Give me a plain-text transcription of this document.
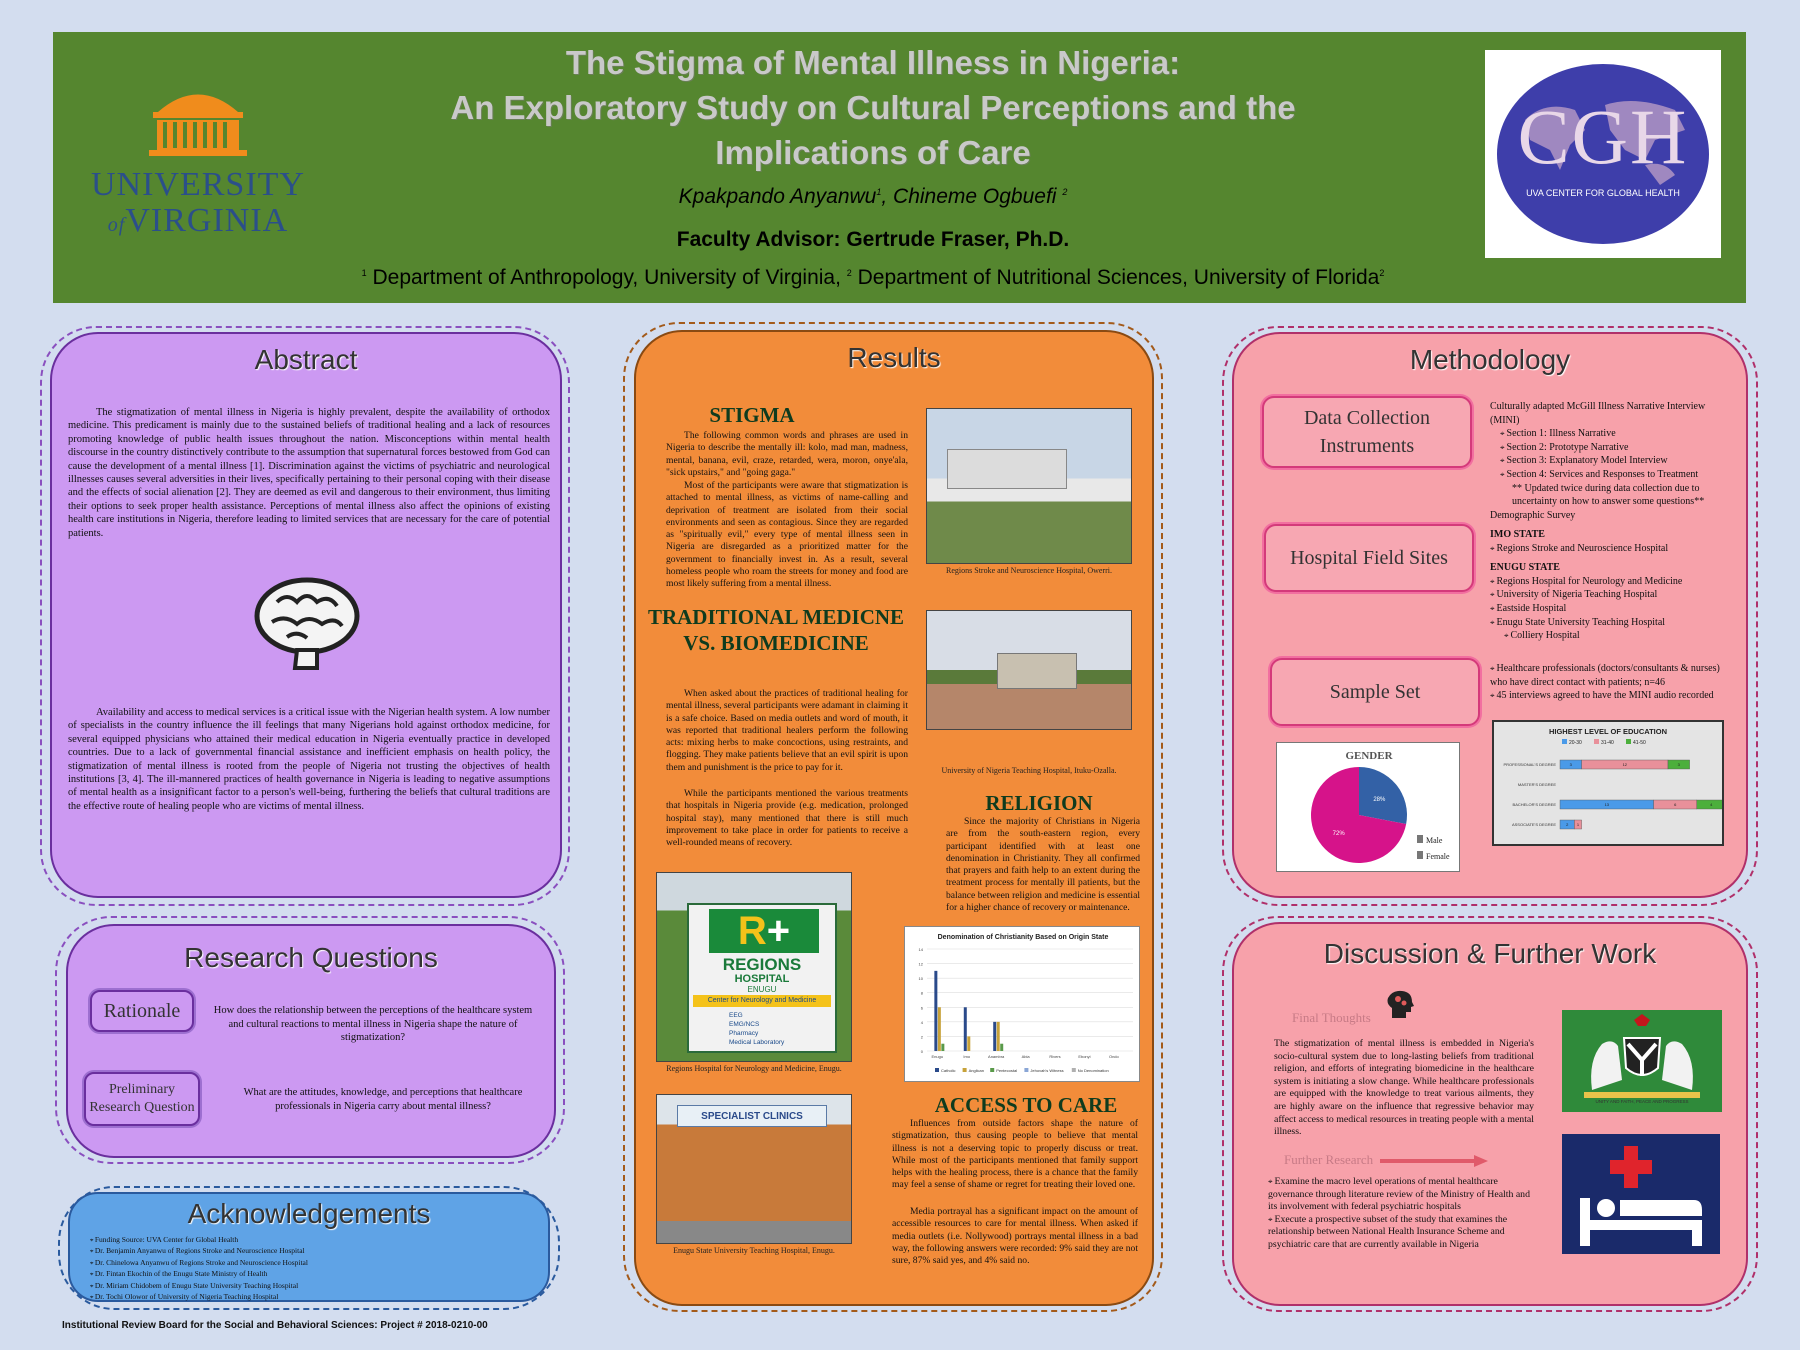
UNIVERSITY
ofVIRGINIA
The Stigma of Mental Illness in Nigeria:
An Exploratory Study on Cultural Perceptions and the
Implications of Care
Kpakpando Anyanwu$^1$, Chineme Ogbuefi $^2$
Faculty Advisor: Gertrude Fraser, Ph.D.
$^1$ Department of Anthropology, University of Virginia, $^2$ Department of Nutritional Sciences, University of Florida$^2$
CGH
UVA CENTER FOR GLOBAL HEALTH
Abstract
The stigmatization of mental illness in Nigeria is highly prevalent, despite the availability of orthodox medicine. This predicament is mainly due to the sustained beliefs of traditional healing and a lack of resources promoting knowledge of public health issues throughout the nation. Misconceptions within mental health discourse in the country distinctively contribute to the assumption that supernatural forces bestowed from God can cause the development of a mental illness [1]. Discrimination against the victims of psychiatric and neurological illnesses causes several adversities in their lives, specifically pertaining to their personal coping with their disease and the effects of social alienation [2]. They are deemed as evil and dangerous to their environment, thus limiting their options to seek proper health assistance. Perceptions of mental illness also affect the opinions of existing health care institutions in Nigeria, therefore leading to limited services that are necessary for the care of potential patients.
Availability and access to medical services is a critical issue with the Nigerian health system. A low number of specialists in the country influence the ill feelings that many Nigerians hold against orthodox medicine, for several equipped physicians who attained their medical education in Nigeria eventually practice in developed countries. Due to a lack of governmental financial assistance and inefficient emphasis on health policy, the stigmatization of mental illness is rooted from the people of Nigeria not trusting the objectives of health institutions [3, 4]. The ill-mannered practices of health governance in Nigeria is leading to negative assumptions of mental health as a insignificant factor to a person's well-being, furthering the beliefs that cultural traditions are the effective route of healing people who are victims of mental illness.
Research Questions
Rationale	How does the relationship between the perceptions of the healthcare system and cultural reactions to mental illness in Nigeria shape the nature of stigmatization?
Preliminary Research Question
What are the attitudes, knowledge, and perceptions that healthcare professionals in Nigeria carry about mental illness?
Acknowledgements
⌖ Funding Source: UVA Center for Global Health
⌖ Dr. Benjamin Anyanwu of Regions Stroke and Neuroscience Hospital
⌖ Dr. Chinelowa Anyanwu of Regions Stroke and Neuroscience Hospital
⌖ Dr. Fintan Ekochin of the Enugu State Ministry of Health
⌖ Dr. Miriam Chidobem of Enugu State University Teaching Hospital
⌖ Dr. Tochi Olowor of University of Nigeria Teaching Hospital
Institutional Review Board for the Social and Behavioral Sciences: Project # 2018-0210-00
Results
STIGMA
The following common words and phrases are used in Nigeria to describe the mentally ill: kolo, mad man, madness, mental, banana, evil, craze, retarded, wera, moron, onye'ala, "sick upstairs," and "going gaga."
Most of the participants were aware that stigmatization is attached to mental illness, as victims of name-calling and deprivation of treatment are isolated from their social environments and seen as contagious. Since they are regarded as "spiritually evil," every type of mental illness seen in Nigeria are disregarded as a prioritized matter for the government to financially invest in. As a result, several homeless people who roam the streets for money and food are most likely suffering from a mental illness.
Regions Stroke and Neuroscience Hospital, Owerri.
TRADITIONAL MEDICNE VS. BIOMEDICINE
When asked about the practices of traditional healing for mental illness, several participants were adamant in claiming it is a safe choice. Based on media outlets and word of mouth, it was reported that traditional healers perform the following acts: mixing herbs to make concoctions, using restraints, and flogging. They make patients believe that an evil spirit is upon them and punishment is the price to pay for it.
While the participants mentioned the various treatments that hospitals in Nigeria provide (e.g. medication, prolonged hospital stay), many mentioned that there is still much improvement to take place in order for patients to receive a well-rounded means of recovery.
University of Nigeria Teaching Hospital, Ituku-Ozalla.
RELIGION
Since the majority of Christians in Nigeria are from the south-eastern region, every participant identified with at least one denomination in Christianity. They all confirmed that prayers and faith help to an extent during the treatment process for mentally ill patients, but the balance between religion and medicine is essential for a higher chance of recovery or maintenance.
R+
REGIONS
HOSPITAL
ENUGU
Center for Neurology and Medicine
EEG
EMG/NCS
Pharmacy
Medical Laboratory
Regions Hospital for Neurology and Medicine, Enugu.
Denomination of Christianity Based on Origin State
0
2
4
6
8
10
12
14
Enugu	Imo	Anambra	Abia	Rivers	Ebonyi	Ondo
Catholic	Anglican	Pentecostal	Jehovah's Witness	No Denomination
SPECIALIST CLINICS
Enugu State University Teaching Hospital, Enugu.
ACCESS TO CARE
Influences from outside factors shape the nature of stigmatization, thus causing people to believe that mental illness is not a deserving topic to properly discuss or treat. While most of the participants mentioned that family support helps with the healing process, there is a chance that the family may feel a sense of shame or regret for treating their loved one.
Media portrayal has a significant impact on the amount of accessible resources to care for mental illness. When asked if media outlets (i.e. Nollywood) portrays mental illness in a bad way, the following answers were recorded: 9% said they are not sure, 87% said yes, and 4% said no.
Methodology
Data Collection Instruments
Culturally adapted McGill Illness Narrative Interview (MINI)
⌖ Section 1: Illness Narrative
⌖ Section 2: Prototype Narrative
⌖ Section 3: Explanatory Model Interview
⌖ Section 4: Services and Responses to Treatment
** Updated twice during data collection due to uncertainty on how to answer some questions**
Demographic Survey
Hospital Field Sites
IMO STATE
⌖ Regions Stroke and Neuroscience Hospital
ENUGU STATE
⌖ Regions Hospital for Neurology and Medicine
⌖ University of Nigeria Teaching Hospital
⌖ Eastside Hospital
⌖ Enugu State University Teaching Hospital
⌖ Colliery Hospital
Sample Set
⌖ Healthcare professionals (doctors/consultants & nurses) who have direct contact with patients; n=46
⌖ 45 interviews agreed to have the MINI audio recorded
GENDER
28%
72%
Male
Female
HIGHEST LEVEL OF EDUCATION
20-30	31-40	41-50
PROFESSIONAL'S DEGREE	3	12	3
MASTER'S DEGREE
BACHELOR'S DEGREE	13	6	4
ASSOCIATE'S DEGREE	2 1
Discussion & Further Work
Final Thoughts
The stigmatization of mental illness is embedded in Nigeria's socio-cultural system due to long-lasting beliefs from traditional religion, and efforts of integrating biomedicine in the healthcare system is initiating a slow change. While healthcare professionals are equipped with the knowledge to treat various ailments, they are highly aware on the influence that regressive behavior may affect access to medical resources in treating people with a mental illness.
Further Research
⌖ Examine the macro level operations of mental healthcare governance through literature review of the Ministry of Health and its involvement with federal psychiatric hospitals
⌖ Execute a prospective subset of the study that examines the relationship between National Health Insurance Scheme and psychiatric care that are currently available in Nigeria
UNITY AND FAITH, PEACE AND PROGRESS
